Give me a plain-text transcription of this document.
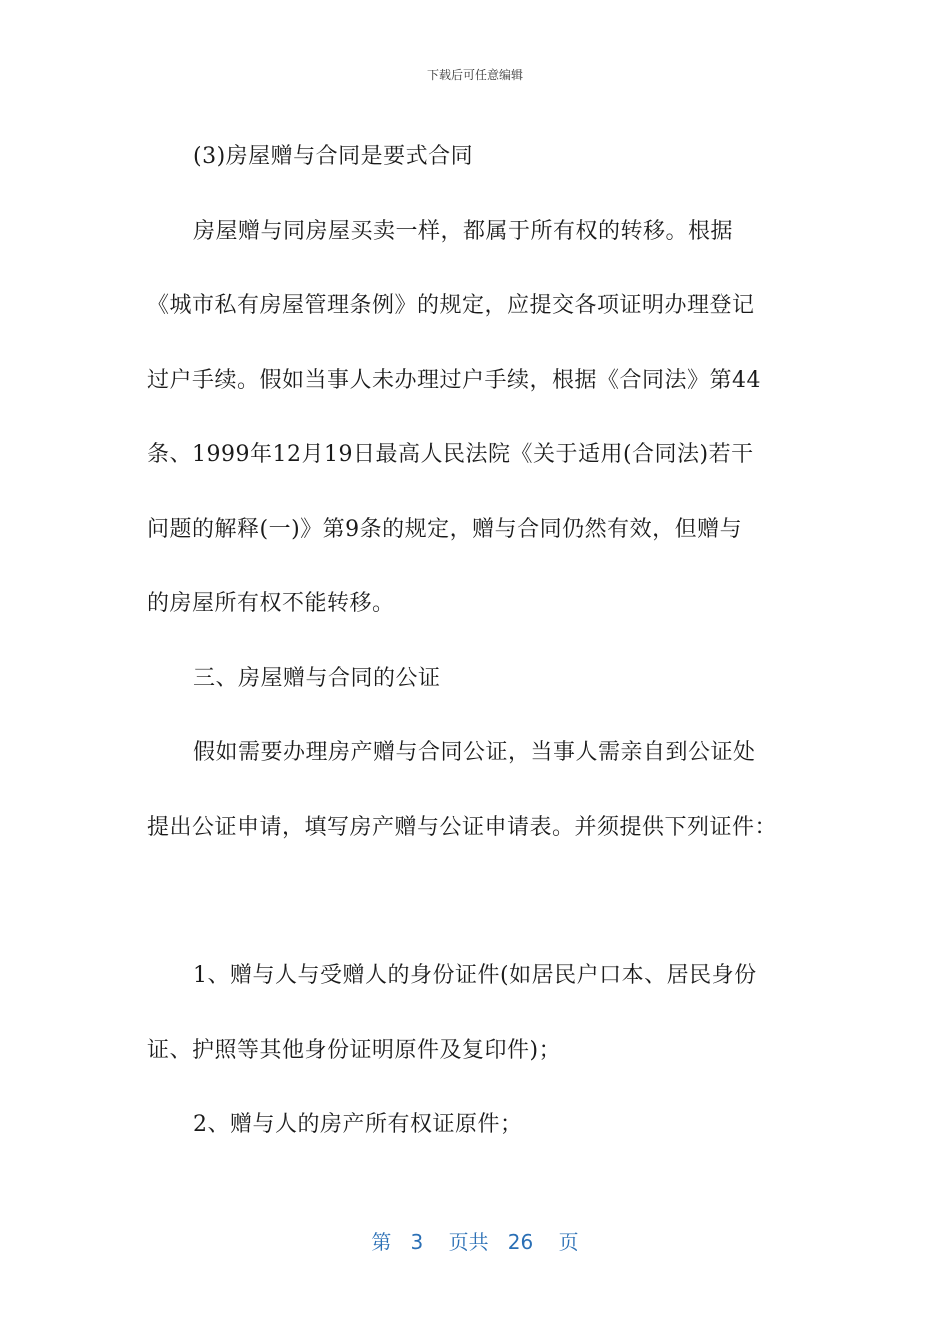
下载后可任意编辑

(3)房屋赠与合同是要式合同

房屋赠与同房屋买卖一样，都属于所有权的转移。根据

《城市私有房屋管理条例》的规定，应提交各项证明办理登记

过户手续。假如当事人未办理过户手续，根据《合同法》第44

条、1999年12月19日最高人民法院《关于适用(合同法)若干

问题的解释(一)》第9条的规定，赠与合同仍然有效，但赠与

的房屋所有权不能转移。

三、房屋赠与合同的公证

假如需要办理房产赠与合同公证，当事人需亲自到公证处

提出公证申请，填写房产赠与公证申请表。并须提供下列证件：

1、赠与人与受赠人的身份证件(如居民户口本、居民身份

证、护照等其他身份证明原件及复印件)；

2、赠与人的房产所有权证原件；

第 3 页共 26 页
